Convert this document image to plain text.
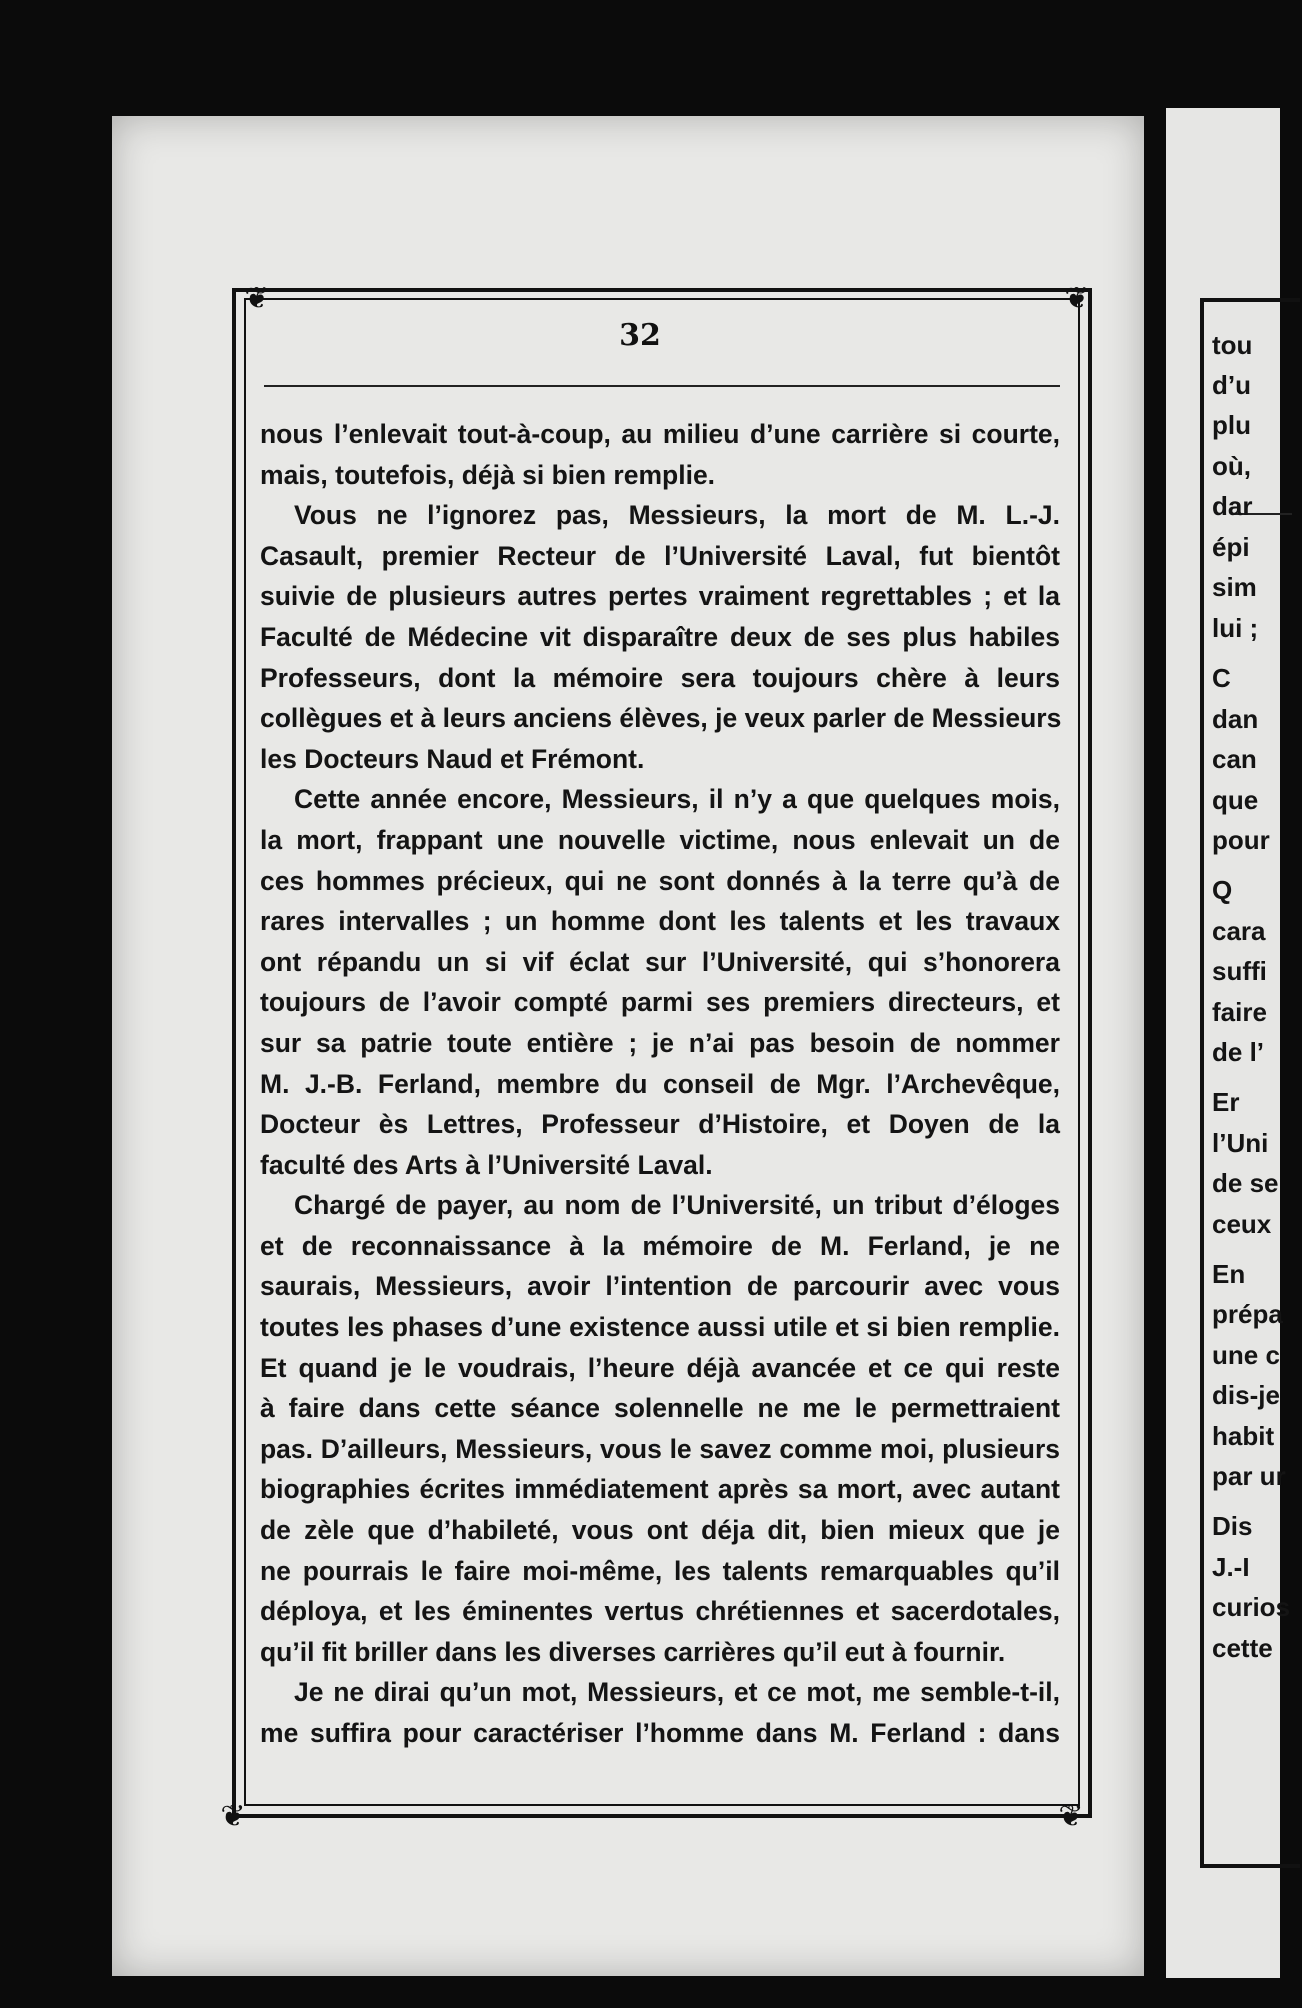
tou
d’u
plu
où,
dar
épi
sim
lui ;
C
dan
can
que
pour
Q
cara
suffi
faire
de l’
Er
l’Uni
de se
ceux
En
prépa
une c
dis-je
habit
par ur
Dis
J.-I
curios
cette
❦	❦
❦	❦
32
nous l’enlevait tout-à-coup, au milieu d’une carrière si courte,
mais, toutefois, déjà si bien remplie.
Vous ne l’ignorez pas, Messieurs, la mort de M. L.-J.
Casault, premier Recteur de l’Université Laval, fut bientôt
suivie de plusieurs autres pertes vraiment regrettables ; et la
Faculté de Médecine vit disparaître deux de ses plus habiles
Professeurs, dont la mémoire sera toujours chère à leurs
collègues et à leurs anciens élèves, je veux parler de Messieurs
les Docteurs Naud et Frémont.
Cette année encore, Messieurs, il n’y a que quelques mois,
la mort, frappant une nouvelle victime, nous enlevait un de
ces hommes précieux, qui ne sont donnés à la terre qu’à de
rares intervalles ; un homme dont les talents et les travaux
ont répandu un si vif éclat sur l’Université, qui s’honorera
toujours de l’avoir compté parmi ses premiers directeurs, et
sur sa patrie toute entière ; je n’ai pas besoin de nommer
M. J.-B. Ferland, membre du conseil de Mgr. l’Archevêque,
Docteur ès Lettres, Professeur d’Histoire, et Doyen de la
faculté des Arts à l’Université Laval.
Chargé de payer, au nom de l’Université, un tribut d’éloges
et de reconnaissance à la mémoire de M. Ferland, je ne
saurais, Messieurs, avoir l’intention de parcourir avec vous
toutes les phases d’une existence aussi utile et si bien remplie.
Et quand je le voudrais, l’heure déjà avancée et ce qui reste
à faire dans cette séance solennelle ne me le permettraient
pas. D’ailleurs, Messieurs, vous le savez comme moi, plusieurs
biographies écrites immédiatement après sa mort, avec autant
de zèle que d’habileté, vous ont déja dit, bien mieux que je
ne pourrais le faire moi-même, les talents remarquables qu’il
déploya, et les éminentes vertus chrétiennes et sacerdotales,
qu’il fit briller dans les diverses carrières qu’il eut à fournir.
Je ne dirai qu’un mot, Messieurs, et ce mot, me semble-t-il,
me suffira pour caractériser l’homme dans M. Ferland : dans
